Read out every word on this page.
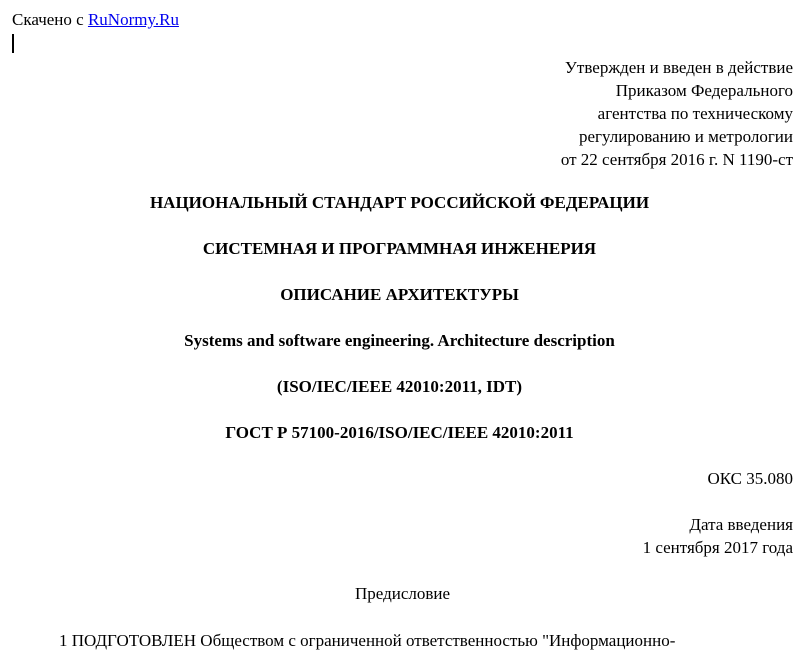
Скачено с RuNormy.Ru
Утвержден и введен в действие
Приказом Федерального
агентства по техническому
регулированию и метрологии
от 22 сентября 2016 г. N 1190-ст
НАЦИОНАЛЬНЫЙ СТАНДАРТ РОССИЙСКОЙ ФЕДЕРАЦИИ
СИСТЕМНАЯ И ПРОГРАММНАЯ ИНЖЕНЕРИЯ
ОПИСАНИЕ АРХИТЕКТУРЫ
Systems and software engineering. Architecture description
(ISO/IEC/IEEE 42010:2011, IDT)
ГОСТ Р 57100-2016/ISO/IEC/IEEE 42010:2011
ОКС 35.080
Дата введения
1 сентября 2017 года
Предисловие
1 ПОДГОТОВЛЕН Обществом с ограниченной ответственностью "Информационно-
